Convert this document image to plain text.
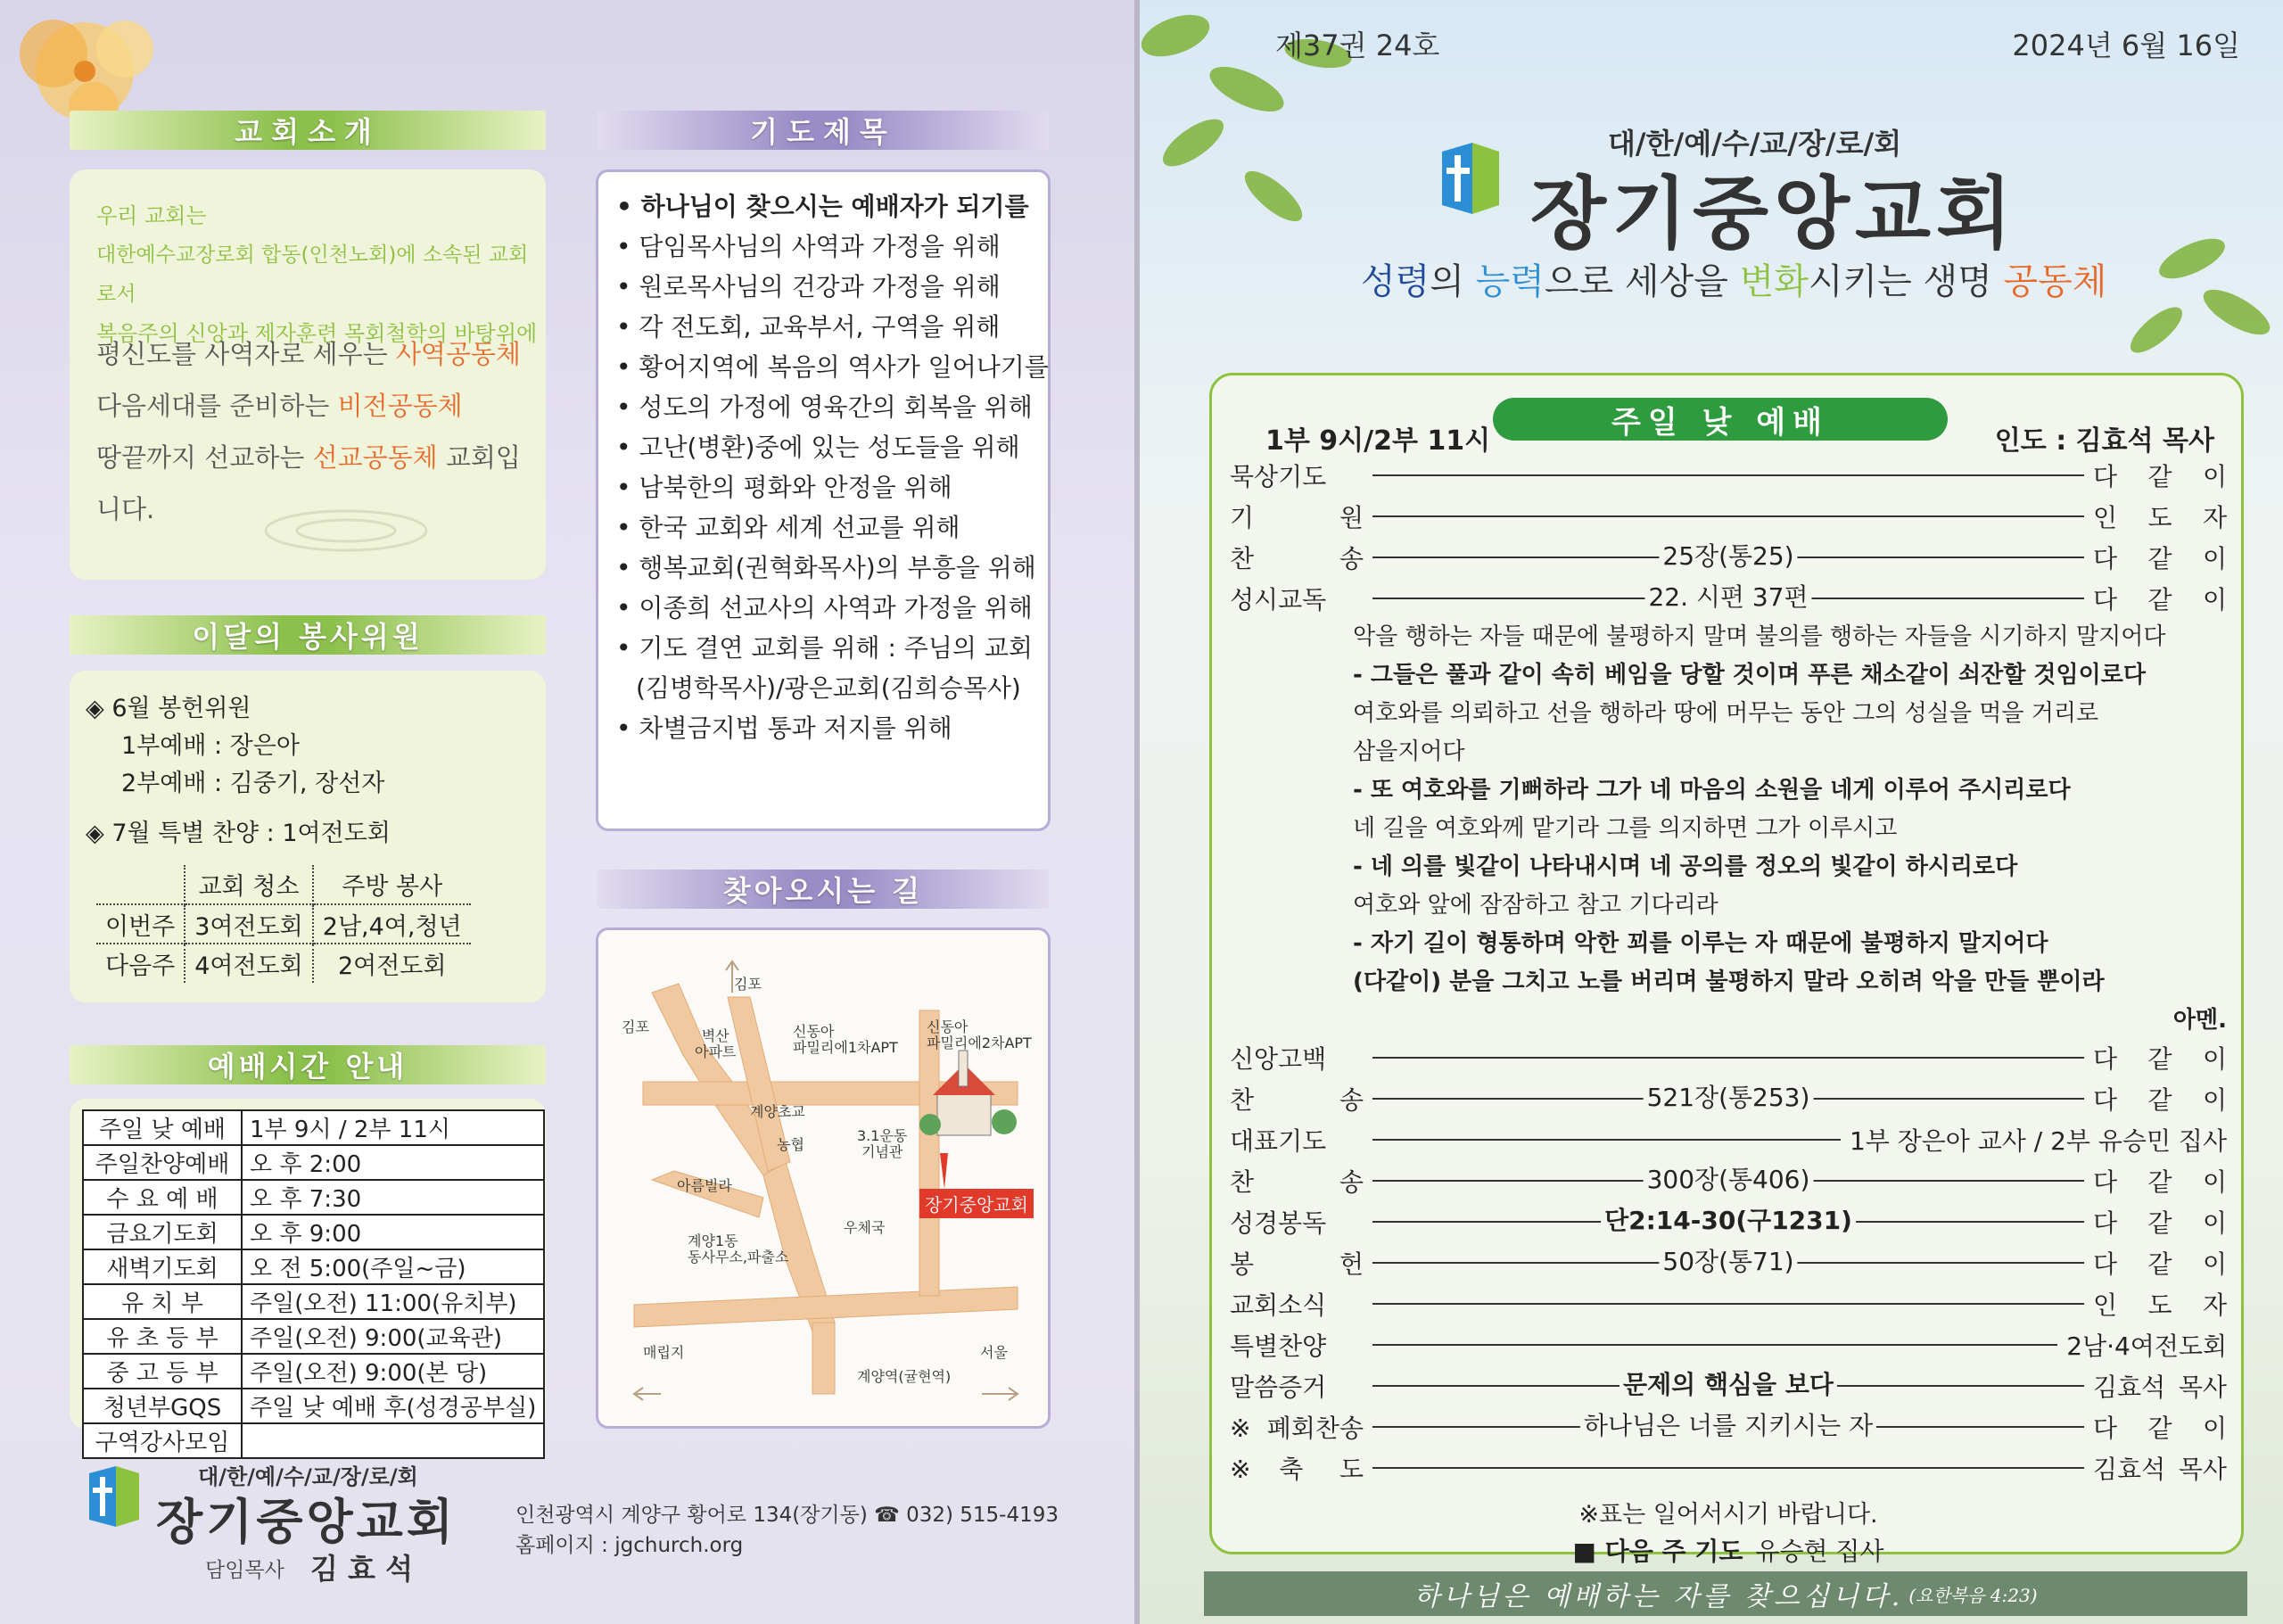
교회소개
우리 교회는
대한예수교장로회 합동(인천노회)에 소속된 교회로서
복음주의 신앙과 제자훈련 목회철학의 바탕위에
평신도를 사역자로 세우는 사역공동체
다음세대를 준비하는 비전공동체
땅끝까지 선교하는 선교공동체 교회입니다.
이달의 봉사위원
◈ 6월 봉헌위원
1부예배 : 장은아
2부예배 : 김중기, 장선자
◈ 7월 특별 찬양 : 1여전도회
	교회 청소	주방 봉사
이번주	3여전도회	2남,4여,청년
다음주	4여전도회	2여전도회
예배시간 안내
주일 낮 예배	1부 9시 / 2부 11시
주일찬양예배	오 후 2:00
수 요 예 배	오 후 7:30
금요기도회	오 후 9:00
새벽기도회	오 전 5:00(주일~금)
유 치 부	주일(오전) 11:00(유치부)
유 초 등 부	주일(오전) 9:00(교육관)
중 고 등 부	주일(오전) 9:00(본 당)
청년부GQS	주일 낮 예배 후(성경공부실)
구역강사모임	
기도제목
• 하나님이 찾으시는 예배자가 되기를
• 담임목사님의 사역과 가정을 위해
• 원로목사님의 건강과 가정을 위해
• 각 전도회, 교육부서, 구역을 위해
• 황어지역에 복음의 역사가 일어나기를
• 성도의 가정에 영육간의 회복을 위해
• 고난(병환)중에 있는 성도들을 위해
• 남북한의 평화와 안정을 위해
• 한국 교회와 세계 선교를 위해
• 행복교회(권혁화목사)의 부흥을 위해
• 이종희 선교사의 사역과 가정을 위해
• 기도 결연 교회를 위해 : 주님의 교회
(김병학목사)/광은교회(김희승목사)
• 차별금지법 통과 저지를 위해
찾아오시는 길
김포
김포
벽산
아파트
신동아
파밀리에1차APT
신동아
파밀리에2차APT
계양초교
농협
3.1운동
기념관
아름빌라
우체국
계양1동
동사무소,파출소
매립지	서울
계양역(귤현역)
장기중앙교회
대/한/예/수/교/장/로/회
장기중앙교회
담임목사 김 효 석
인천광역시 계양구 황어로 134(장기동) ☎ 032) 515-4193
홈페이지 : jgchurch.org
제37권 24호	2024년 6월 16일
대/한/예/수/교/장/로/회
장기중앙교회
성령의 능력으로 세상을 변화시키는 생명 공동체
주일 낮 예배
1부 9시/2부 11시	인도 : 김효석 목사
묵상기도	다 같 이
기 원	인 도 자
찬 송	25장(통25)	다 같 이
성시교독	22. 시편 37편	다 같 이
악을 행하는 자들 때문에 불평하지 말며 불의를 행하는 자들을 시기하지 말지어다
- 그들은 풀과 같이 속히 베임을 당할 것이며 푸른 채소같이 쇠잔할 것임이로다
여호와를 의뢰하고 선을 행하라 땅에 머무는 동안 그의 성실을 먹을 거리로
삼을지어다
- 또 여호와를 기뻐하라 그가 네 마음의 소원을 네게 이루어 주시리로다
네 길을 여호와께 맡기라 그를 의지하면 그가 이루시고
- 네 의를 빛같이 나타내시며 네 공의를 정오의 빛같이 하시리로다
여호와 앞에 잠잠하고 참고 기다리라
- 자기 길이 형통하며 악한 꾀를 이루는 자 때문에 불평하지 말지어다
(다같이) 분을 그치고 노를 버리며 불평하지 말라 오히려 악을 만들 뿐이라
아멘.
신앙고백	다 같 이
찬 송	521장(통253)	다 같 이
대표기도	1부 장은아 교사 / 2부 유승민 집사
찬 송	300장(통406)	다 같 이
성경봉독	단2:14-30(구1231)	다 같 이
봉 헌	50장(통71)	다 같 이
교회소식	인 도 자
특별찬양	2남·4여전도회
말씀증거	문제의 핵심을 보다	김효석 목사
※폐회찬송	하나님은 너를 지키시는 자	다 같 이
※축 도	김효석 목사
※표는 일어서시기 바랍니다.
■ 다음 주 기도 유승현 집사
하나님은 예배하는 자를 찾으십니다. (요한복음 4:23)
